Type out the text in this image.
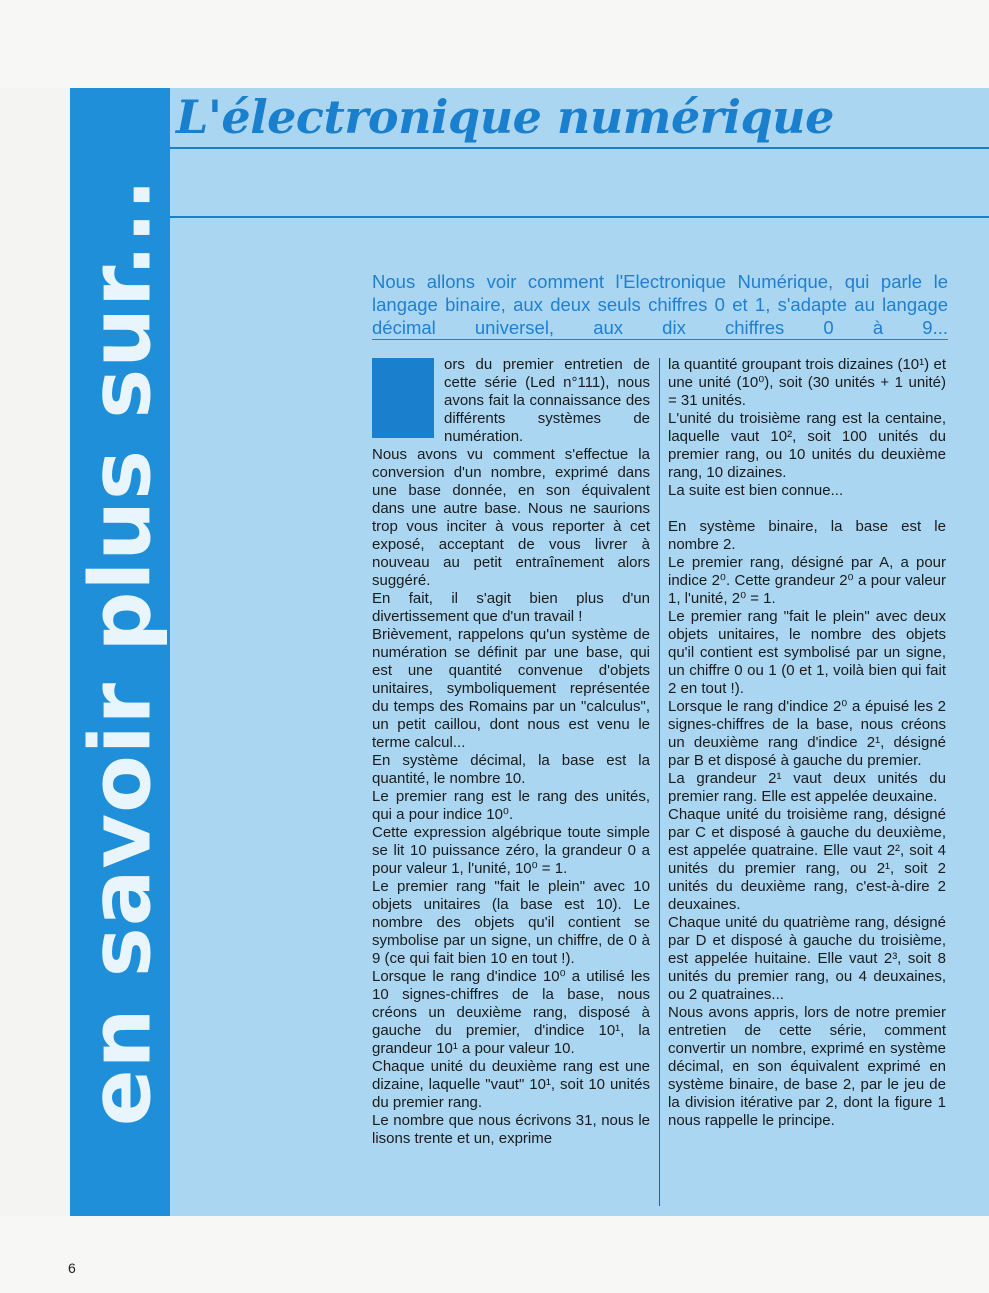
en savoir plus sur...
L'électronique numérique

Nous allons voir comment l'Electronique Numérique, qui parle le langage binaire, aux deux seuls chiffres 0 et 1, s'adapte au langage décimal universel, aux dix chiffres 0 à 9...

ors du premier entretien de cette série (Led n°111), nous avons fait la connaissance des différents systèmes de numération.

Nous avons vu comment s'effectue la conversion d'un nombre, exprimé dans une base donnée, en son équivalent dans une autre base. Nous ne saurions trop vous inciter à vous reporter à cet exposé, acceptant de vous livrer à nouveau au petit entraînement alors suggéré.

En fait, il s'agit bien plus d'un divertissement que d'un travail !

Brièvement, rappelons qu'un système de numération se définit par une base, qui est une quantité convenue d'objets unitaires, symboliquement représentée du temps des Romains par un "calculus", un petit caillou, dont nous est venu le terme calcul...

En système décimal, la base est la quantité, le nombre 10.

Le premier rang est le rang des unités, qui a pour indice 10⁰.

Cette expression algébrique toute simple se lit 10 puissance zéro, la grandeur 0 a pour valeur 1, l'unité, 10⁰ = 1.

Le premier rang "fait le plein" avec 10 objets unitaires (la base est 10). Le nombre des objets qu'il contient se symbolise par un signe, un chiffre, de 0 à 9 (ce qui fait bien 10 en tout !).

Lorsque le rang d'indice 10⁰ a utilisé les 10 signes-chiffres de la base, nous créons un deuxième rang, disposé à gauche du premier, d'indice 10¹, la grandeur 10¹ a pour valeur 10.

Chaque unité du deuxième rang est une dizaine, laquelle "vaut" 10¹, soit 10 unités du premier rang.

Le nombre que nous écrivons 31, nous le lisons trente et un, exprime

la quantité groupant trois dizaines (10¹) et une unité (10⁰), soit (30 unités + 1 unité) = 31 unités.

L'unité du troisième rang est la centaine, laquelle vaut 10², soit 100 unités du premier rang, ou 10 unités du deuxième rang, 10 dizaines.

La suite est bien connue...

En système binaire, la base est le nombre 2.

Le premier rang, désigné par A, a pour indice 2⁰. Cette grandeur 2⁰ a pour valeur 1, l'unité, 2⁰ = 1.

Le premier rang "fait le plein" avec deux objets unitaires, le nombre des objets qu'il contient est symbolisé par un signe, un chiffre 0 ou 1 (0 et 1, voilà bien qui fait 2 en tout !).

Lorsque le rang d'indice 2⁰ a épuisé les 2 signes-chiffres de la base, nous créons un deuxième rang d'indice 2¹, désigné par B et disposé à gauche du premier.

La grandeur 2¹ vaut deux unités du premier rang. Elle est appelée deuxaine.

Chaque unité du troisième rang, désigné par C et disposé à gauche du deuxième, est appelée quatraine. Elle vaut 2², soit 4 unités du premier rang, ou 2¹, soit 2 unités du deuxième rang, c'est-à-dire 2 deuxaines.

Chaque unité du quatrième rang, désigné par D et disposé à gauche du troisième, est appelée huitaine. Elle vaut 2³, soit 8 unités du premier rang, ou 4 deuxaines, ou 2 quatraines...

Nous avons appris, lors de notre premier entretien de cette série, comment convertir un nombre, exprimé en système décimal, en son équivalent exprimé en système binaire, de base 2, par le jeu de la division itérative par 2, dont la figure 1 nous rappelle le principe.

6
